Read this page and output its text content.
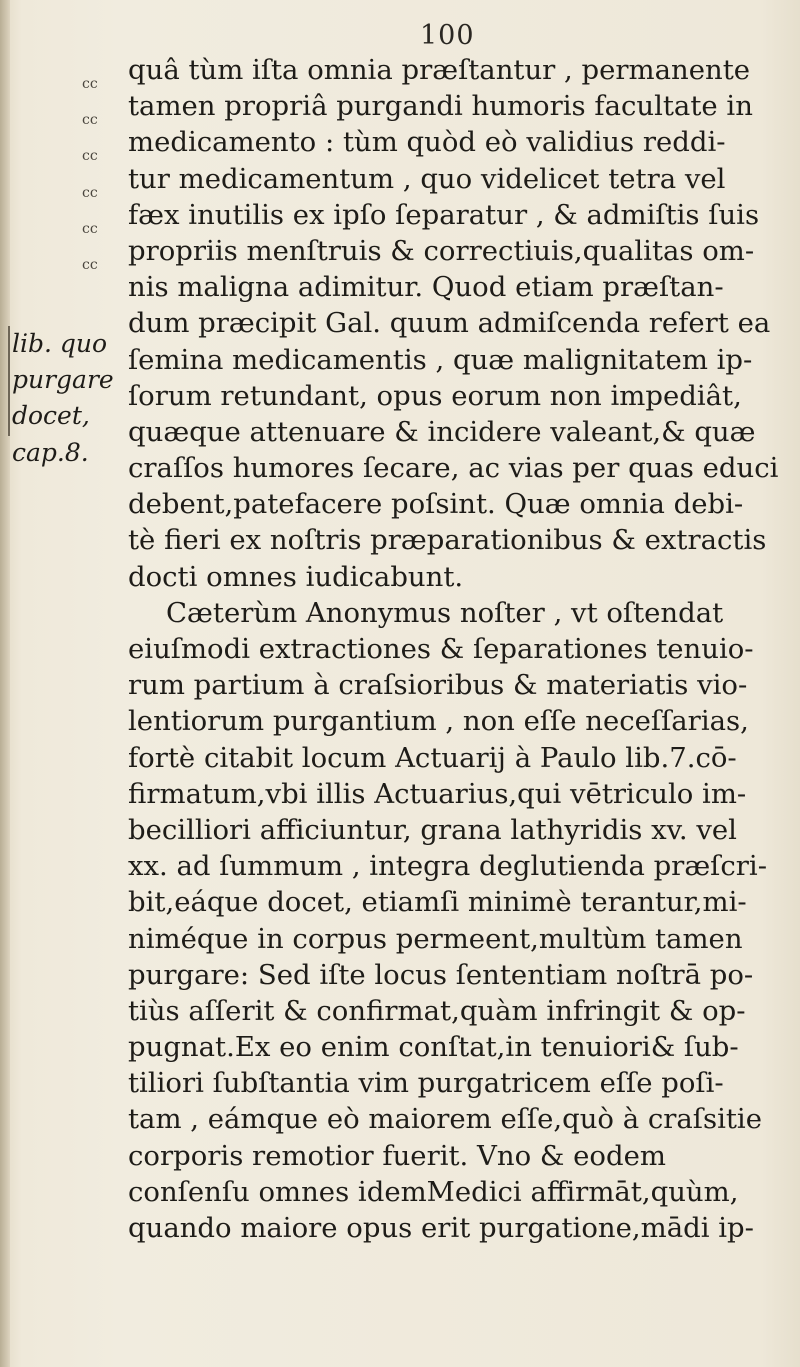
100
cc
cc
cc
cc
cc
cc
lib. quo
purgare
docet,
cap.8.
quâ tùm iſta omnia præſtantur , permanente
tamen propriâ purgandi humoris facultate in
medicamento : tùm quòd eò validius reddi-
tur medicamentum , quo videlicet tetra vel
fæx inutilis ex ipſo ſeparatur , & admiſtis ſuis
propriis menſtruis & correctiuis,qualitas om-
nis maligna adimitur. Quod etiam præſtan-
dum præcipit Gal. quum admiſcenda refert ea
ſemina medicamentis , quæ malignitatem ip-
ſorum retundant, opus eorum non impediât,
quæque attenuare & incidere valeant,& quæ
craſſos humores ſecare, ac vias per quas educi
debent,patefacere poſsint. Quæ omnia debi-
tè fieri ex noſtris præparationibus & extractis
docti omnes iudicabunt.
Cæterùm Anonymus noſter , vt oſtendat
eiuſmodi extractiones & ſeparationes tenuio-
rum partium à craſsioribus & materiatis vio-
lentiorum purgantium , non eſſe neceſſarias,
fortè citabit locum Actuarij à Paulo lib.7.cō-
firmatum,vbi illis Actuarius,qui vētriculo im-
becilliori afficiuntur, grana lathyridis xv. vel
xx. ad ſummum , integra deglutienda præſcri-
bit,eáque docet, etiamſi minimè terantur,mi-
niméque in corpus permeent,multùm tamen
purgare: Sed iſte locus ſententiam noſtrā po-
tiùs aſſerit & confirmat,quàm infringit & op-
pugnat.Ex eo enim conſtat,in tenuiori& ſub-
tiliori ſubſtantia vim purgatricem eſſe poſi-
tam , eámque eò maiorem eſſe,quò à craſsitie
corporis remotior fuerit. Vno & eodem
conſenſu omnes idemMedici affirmāt,quùm,
quando maiore opus erit purgatione,mādi ip-
